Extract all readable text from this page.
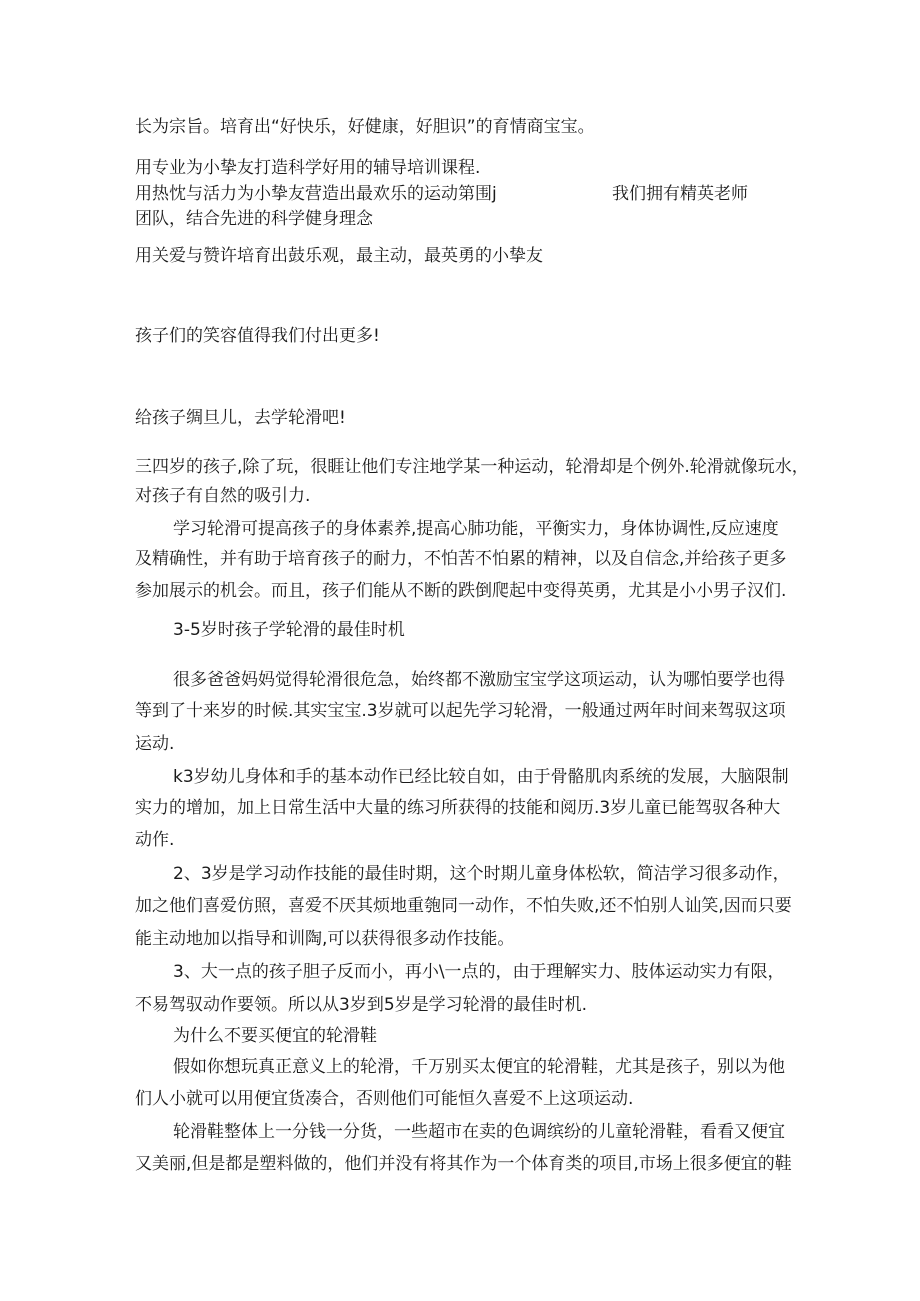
长为宗旨。培育出“好快乐，好健康，好胆识”的育情商宝宝。

用专业为小挚友打造科学好用的辅导培训课程.

用热忱与活力为小挚友营造出最欢乐的运动第围j	我们拥有精英老师

团队，结合先进的科学健身理念

用关爱与赞许培育出鼓乐观，最主动，最英勇的小挚友

孩子们的笑容值得我们付出更多!

给孩子绸旦儿，去学轮滑吧!

三四岁的孩子,除了玩，很睚让他们专注地学某一种运动，轮滑却是个例外.轮滑就像玩水，

对孩子有自然的吸引力.

学习轮滑可提高孩子的身体素养,提高心肺功能，平衡实力，身体协调性,反应速度

及精确性，并有助于培育孩子的耐力，不怕苦不怕累的精神，以及自信念,并给孩子更多

参加展示的机会。而且，孩子们能从不断的跌倒爬起中变得英勇，尤其是小小男子汉们.

3-5岁时孩子学轮滑的最佳时机

很多爸爸妈妈觉得轮滑很危急，始终都不激励宝宝学这项运动，认为哪怕要学也得

等到了十来岁的时候.其实宝宝.3岁就可以起先学习轮滑，一般通过两年时间来驾驭这项

运动.

k3岁幼儿身体和手的基本动作已经比较自如，由于骨骼肌肉系统的发展，大脑限制

实力的增加，加上日常生活中大量的练习所获得的技能和阅历.3岁儿童已能驾驭各种大

动作.

2、3岁是学习动作技能的最佳时期，这个时期儿童身体松软，简洁学习很多动作，

加之他们喜爱仿照，喜爱不厌其烦地重匏同一动作，不怕失败,还不怕别人讪笑,因而只要

能主动地加以指导和训陶,可以获得很多动作技能。

3、大一点的孩子胆子反而小，再小\一点的，由于理解实力、肢体运动实力有限，

不易驾驭动作要领。所以从3岁到5岁是学习轮滑的最佳时机.

为什么不要买便宜的轮滑鞋

假如你想玩真正意义上的轮滑，千万别买太便宜的轮滑鞋，尤其是孩子，别以为他

们人小就可以用便宜货凑合，否则他们可能恒久喜爱不上这项运动.

轮滑鞋整体上一分钱一分货，一些超市在卖的色调缤纷的儿童轮滑鞋，看看又便宜

又美丽,但是都是塑料做的，他们并没有将其作为一个体育类的项目,市场上很多便宜的鞋
